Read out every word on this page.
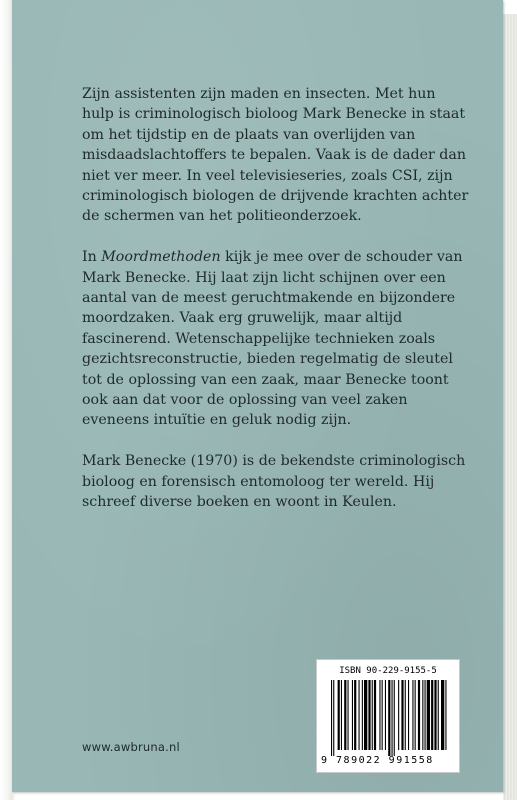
Zijn assistenten zijn maden en insecten. Met hun

hulp is criminologisch bioloog Mark Benecke in staat

om het tijdstip en de plaats van overlijden van

misdaadslachtoffers te bepalen. Vaak is de dader dan

niet ver meer. In veel televisieseries, zoals CSI, zijn

criminologisch biologen de drijvende krachten achter

de schermen van het politieonderzoek.

In Moordmethoden kijk je mee over de schouder van

Mark Benecke. Hij laat zijn licht schijnen over een

aantal van de meest geruchtmakende en bijzondere

moordzaken. Vaak erg gruwelijk, maar altijd

fascinerend. Wetenschappelijke technieken zoals

gezichtsreconstructie, bieden regelmatig de sleutel

tot de oplossing van een zaak, maar Benecke toont

ook aan dat voor de oplossing van veel zaken

eveneens intuïtie en geluk nodig zijn.

Mark Benecke (1970) is de bekendste criminologisch

bioloog en forensisch entomoloog ter wereld. Hij

schreef diverse boeken en woont in Keulen.

www.awbruna.nl
ISBN 90-229-9155-5
9 789022 991558
